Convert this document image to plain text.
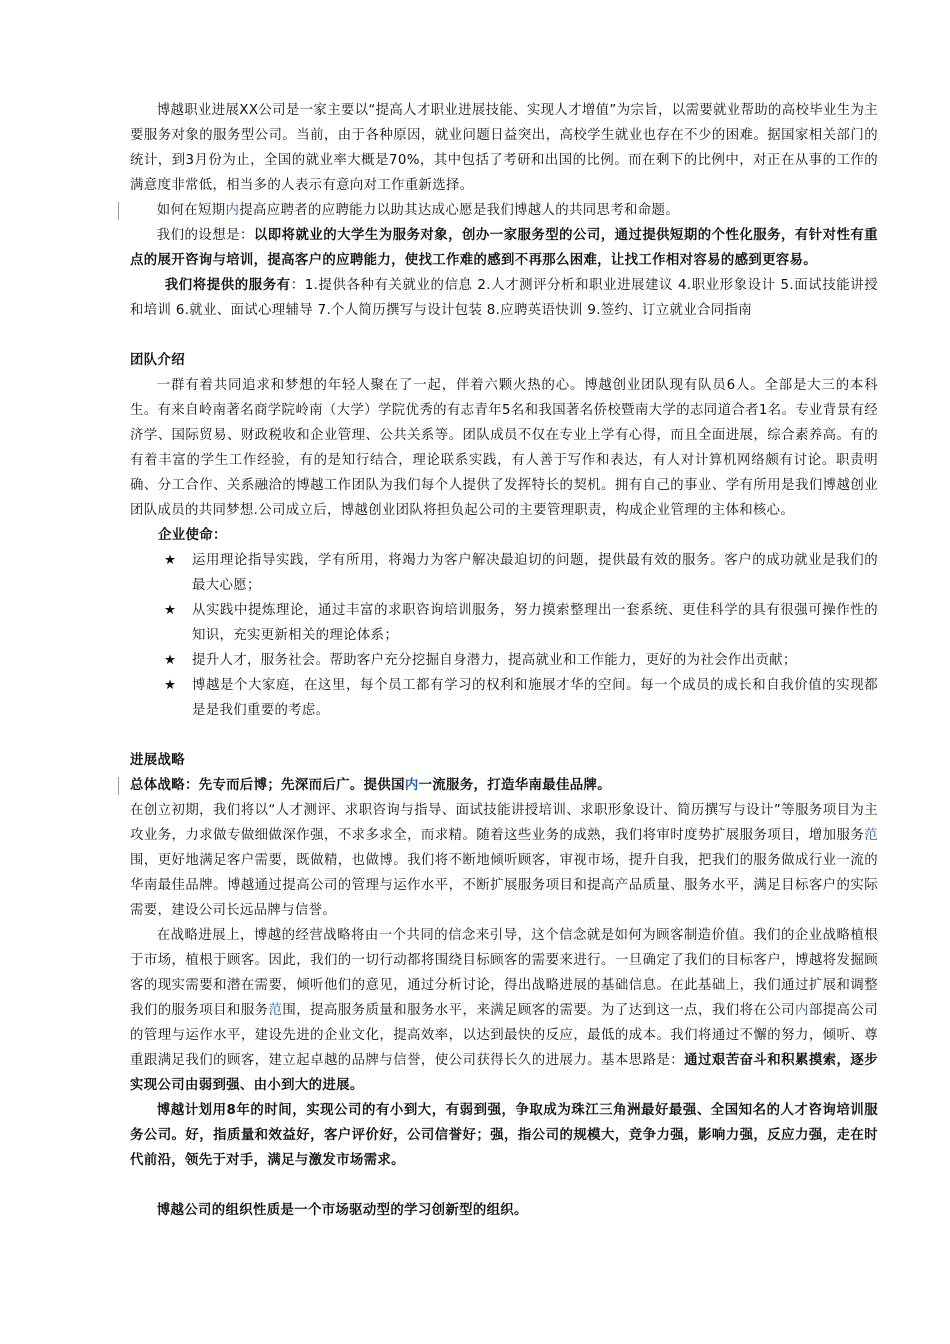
博越职业进展XX公司是一家主要以“提高人才职业进展技能、实现人才增值”为宗旨，以需要就业帮助的高校毕业生为主要服务对象的服务型公司。当前，由于各种原因，就业问题日益突出，高校学生就业也存在不少的困难。据国家相关部门的统计，到3月份为止，全国的就业率大概是70%，其中包括了考研和出国的比例。而在剩下的比例中，对正在从事的工作的满意度非常低，相当多的人表示有意向对工作重新选择。

如何在短期内提高应聘者的应聘能力以助其达成心愿是我们博越人的共同思考和命题。

我们的设想是：以即将就业的大学生为服务对象，创办一家服务型的公司，通过提供短期的个性化服务，有针对性有重点的展开咨询与培训，提高客户的应聘能力，使找工作难的感到不再那么困难，让找工作相对容易的感到更容易。

我们将提供的服务有：1.提供各种有关就业的信息 2.人才测评分析和职业进展建议 4.职业形象设计 5.面试技能讲授和培训 6.就业、面试心理辅导 7.个人简历撰写与设计包装 8.应聘英语快训 9.签约、订立就业合同指南

团队介绍

一群有着共同追求和梦想的年轻人聚在了一起，伴着六颗火热的心。博越创业团队现有队员6人。全部是大三的本科生。有来自岭南著名商学院岭南（大学）学院优秀的有志青年5名和我国著名侨校暨南大学的志同道合者1名。专业背景有经济学、国际贸易、财政税收和企业管理、公共关系等。团队成员不仅在专业上学有心得，而且全面进展，综合素养高。有的有着丰富的学生工作经验，有的是知行结合，理论联系实践，有人善于写作和表达，有人对计算机网络颇有讨论。职责明确、分工合作、关系融洽的博越工作团队为我们每个人提供了发挥特长的契机。拥有自己的事业、学有所用是我们博越创业团队成员的共同梦想.公司成立后，博越创业团队将担负起公司的主要管理职责，构成企业管理的主体和核心。

企业使命：

★ 运用理论指导实践，学有所用，将竭力为客户解决最迫切的问题，提供最有效的服务。客户的成功就业是我们的最大心愿；
★ 从实践中提炼理论，通过丰富的求职咨询培训服务，努力摸索整理出一套系统、更佳科学的具有很强可操作性的知识，充实更新相关的理论体系；
★ 提升人才，服务社会。帮助客户充分挖掘自身潜力，提高就业和工作能力，更好的为社会作出贡献；
★ 博越是个大家庭，在这里，每个员工都有学习的权利和施展才华的空间。每一个成员的成长和自我价值的实现都是是我们重要的考虑。

进展战略

总体战略：先专而后博；先深而后广。提供国内一流服务，打造华南最佳品牌。

在创立初期，我们将以“人才测评、求职咨询与指导、面试技能讲授培训、求职形象设计、简历撰写与设计”等服务项目为主攻业务，力求做专做细做深作强，不求多求全，而求精。随着这些业务的成熟，我们将审时度势扩展服务项目，增加服务范围，更好地满足客户需要，既做精，也做博。我们将不断地倾听顾客，审视市场，提升自我，把我们的服务做成行业一流的华南最佳品牌。博越通过提高公司的管理与运作水平，不断扩展服务项目和提高产品质量、服务水平，满足目标客户的实际需要，建设公司长远品牌与信誉。

在战略进展上，博越的经营战略将由一个共同的信念来引导，这个信念就是如何为顾客制造价值。我们的企业战略植根于市场，植根于顾客。因此，我们的一切行动都将围绕目标顾客的需要来进行。一旦确定了我们的目标客户，博越将发掘顾客的现实需要和潜在需要，倾听他们的意见，通过分析讨论，得出战略进展的基础信息。在此基础上，我们通过扩展和调整我们的服务项目和服务范围，提高服务质量和服务水平，来满足顾客的需要。为了达到这一点，我们将在公司内部提高公司的管理与运作水平，建设先进的企业文化，提高效率，以达到最快的反应，最低的成本。我们将通过不懈的努力，倾听、尊重跟满足我们的顾客，建立起卓越的品牌与信誉，使公司获得长久的进展力。基本思路是：通过艰苦奋斗和积累摸索，逐步实现公司由弱到强、由小到大的进展。

博越计划用8年的时间，实现公司的有小到大，有弱到强，争取成为珠江三角洲最好最强、全国知名的人才咨询培训服务公司。好，指质量和效益好，客户评价好，公司信誉好；强，指公司的规模大，竞争力强，影响力强，反应力强，走在时代前沿，领先于对手，满足与激发市场需求。

博越公司的组织性质是一个市场驱动型的学习创新型的组织。
